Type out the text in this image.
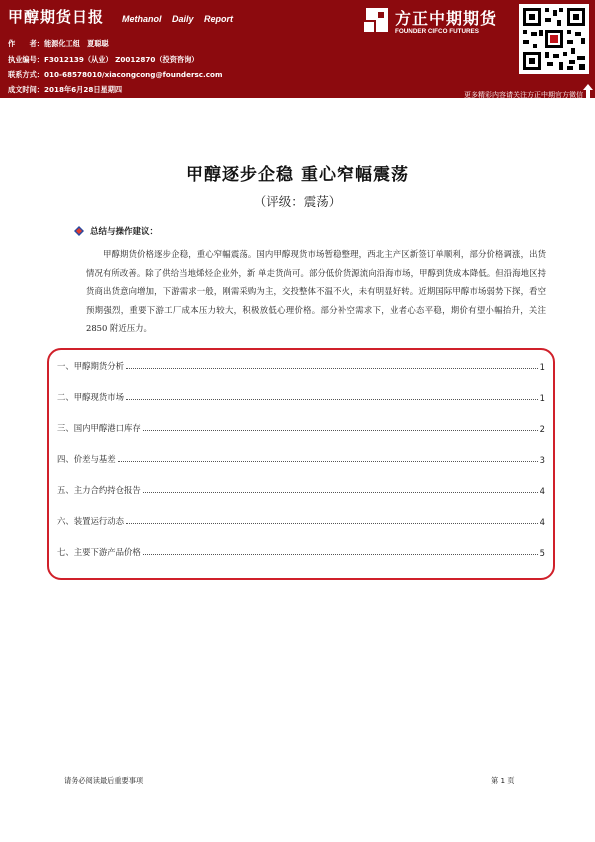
甲醇期货日报 Methanol Daily Report
作　　者：能源化工组　夏聪聪
执业编号：F3012139（从业） Z0012870（投资咨询）
联系方式：010-68578010/xiacongcong@foundersc.com
成文时间：2018年6月28日星期四
方正中期期货
FOUNDER CIFCO FUTURES
更多精彩内容请关注方正中期官方微信
甲醇逐步企稳 重心窄幅震荡
（评级：震荡）
总结与操作建议：
甲醇期货价格逐步企稳，重心窄幅震荡。国内甲醇现货市场暂稳整理，西北主产区新签订单顺利，部分价格调涨，出货情况有所改善。除了供给当地烯烃企业外，新 单走货尚可。部分低价货源流向沿海市场，甲醇到货成本降低。但沿海地区持货商出货意向增加，下游需求一般，刚需采购为主，交投整体不温不火，未有明显好转。近期国际甲醇市场弱势下探，看空预期强烈，重要下游工厂成本压力较大，积极放低心理价格。部分补空需求下，业者心态平稳，期价有望小幅抬升，关注 2850 附近压力。
一、甲醇期货分析	1
二、甲醇现货市场	1
三、国内甲醇港口库存	2
四、价差与基差	3
五、主力合约持仓报告	4
六、装置运行动态	4
七、主要下游产品价格	5
请务必阅读最后重要事项	第 1 页
